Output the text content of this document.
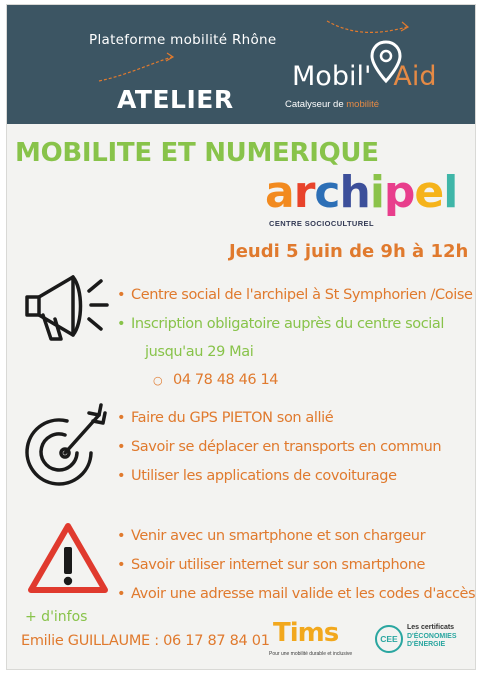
Plateforme mobilité Rhône
ATELIER
Mobil' Aid
Catalyseur de mobilité
MOBILITE ET NUMERIQUE
archipel
CENTRE SOCIOCULTUREL
Jeudi 5 juin de 9h à 12h
• Centre social de l'archipel à St Symphorien /Coise
• Inscription obligatoire auprès du centre social
jusqu'au 29 Mai
○ 04 78 48 46 14
• Faire du GPS PIETON son allié
• Savoir se déplacer en transports en commun
• Utiliser les applications de covoiturage
• Venir avec un smartphone et son chargeur
• Savoir utiliser internet sur son smartphone
• Avoir une adresse mail valide et les codes d'accès
+ d'infos
Emilie GUILLAUME : 06 17 87 84 01 Tims
Pour une mobilité durable et inclusive
CEE
Les certificats
D'ÉCONOMIES
D'ÉNERGIE
